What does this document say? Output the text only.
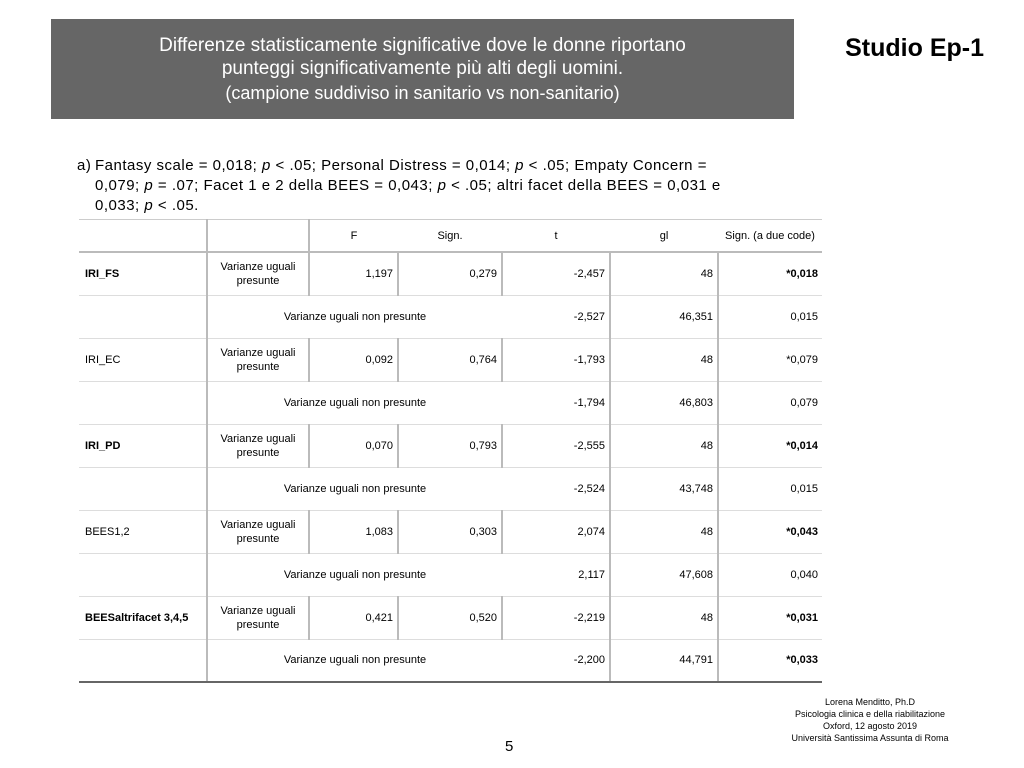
Differenze statisticamente significative dove le donne riportano
punteggi significativamente più alti degli uomini.
(campione suddiviso in sanitario vs non-sanitario)
Studio Ep-1
a) Fantasy scale = 0,018; p < .05; Personal Distress = 0,014; p < .05; Empaty Concern =
0,079; p = .07; Facet 1 e 2 della BEES = 0,043; p < .05; altri facet della BEES = 0,031 e
0,033; p < .05.
		F	Sign.	t	gl	Sign. (a due code)
IRI_FS	Varianze uguali presunte	1,197	0,279	-2,457	48	*0,018
	Varianze uguali non presunte			-2,527	46,351	0,015
IRI_EC	Varianze uguali presunte	0,092	0,764	-1,793	48	*0,079
	Varianze uguali non presunte			-1,794	46,803	0,079
IRI_PD	Varianze uguali presunte	0,070	0,793	-2,555	48	*0,014
	Varianze uguali non presunte			-2,524	43,748	0,015
BEES1,2	Varianze uguali presunte	1,083	0,303	2,074	48	*0,043
	Varianze uguali non presunte			2,117	47,608	0,040
BEESaltrifacet 3,4,5	Varianze uguali presunte	0,421	0,520	-2,219	48	*0,031
	Varianze uguali non presunte			-2,200	44,791	*0,033
5
Lorena Menditto, Ph.D
Psicologia clinica e della riabilitazione
Oxford, 12 agosto 2019
Università Santissima Assunta di Roma
